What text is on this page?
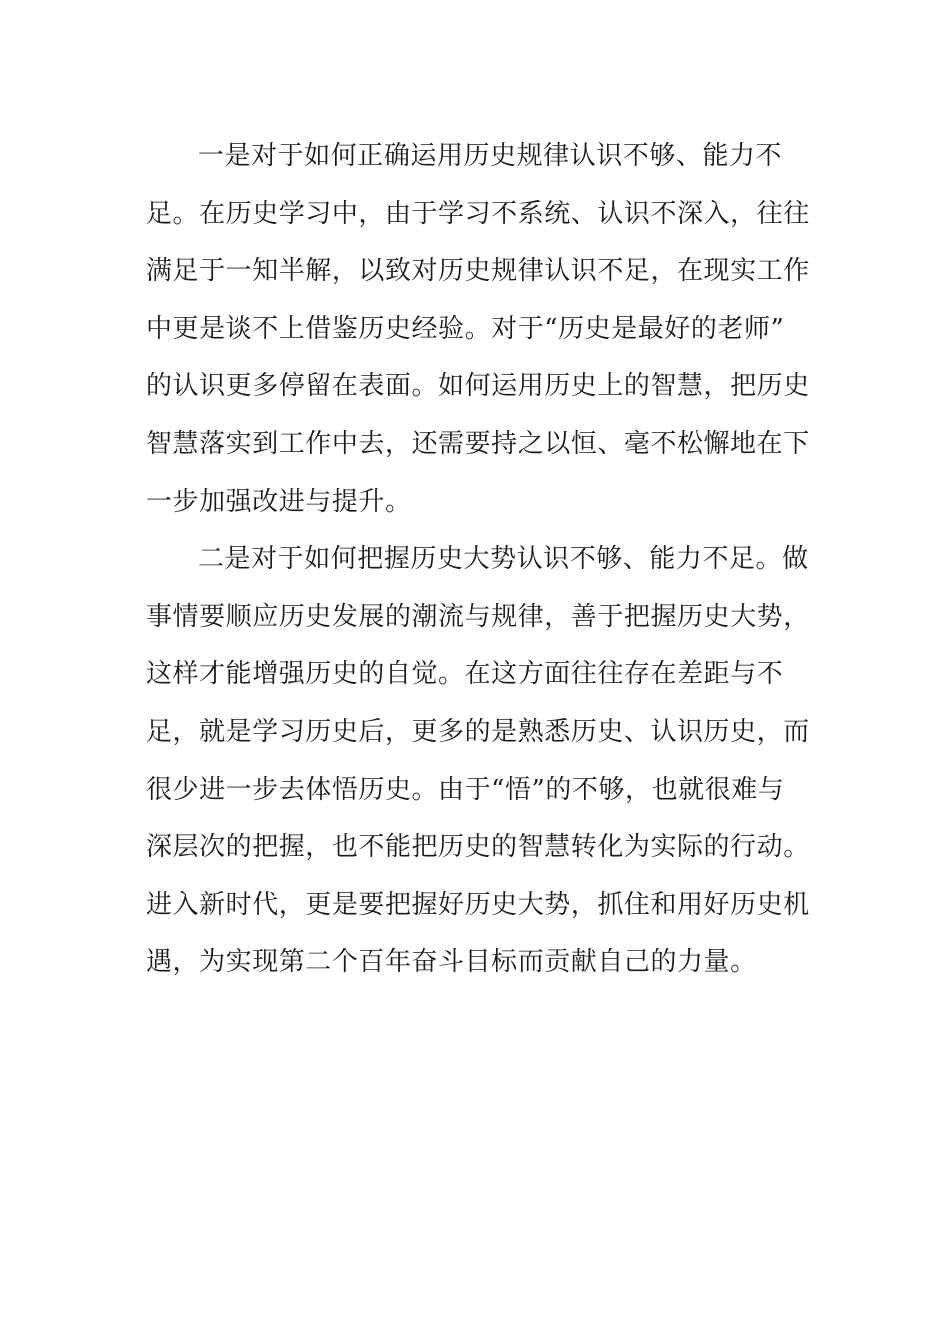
一是对于如何正确运用历史规律认识不够、能力不
足。在历史学习中，由于学习不系统、认识不深入，往往
满足于一知半解，以致对历史规律认识不足，在现实工作
中更是谈不上借鉴历史经验。对于“历史是最好的老师”
的认识更多停留在表面。如何运用历史上的智慧，把历史
智慧落实到工作中去，还需要持之以恒、毫不松懈地在下
一步加强改进与提升。
二是对于如何把握历史大势认识不够、能力不足。做
事情要顺应历史发展的潮流与规律，善于把握历史大势，
这样才能增强历史的自觉。在这方面往往存在差距与不
足，就是学习历史后，更多的是熟悉历史、认识历史，而
很少进一步去体悟历史。由于“悟”的不够，也就很难与
深层次的把握，也不能把历史的智慧转化为实际的行动。
进入新时代，更是要把握好历史大势，抓住和用好历史机
遇，为实现第二个百年奋斗目标而贡献自己的力量。
